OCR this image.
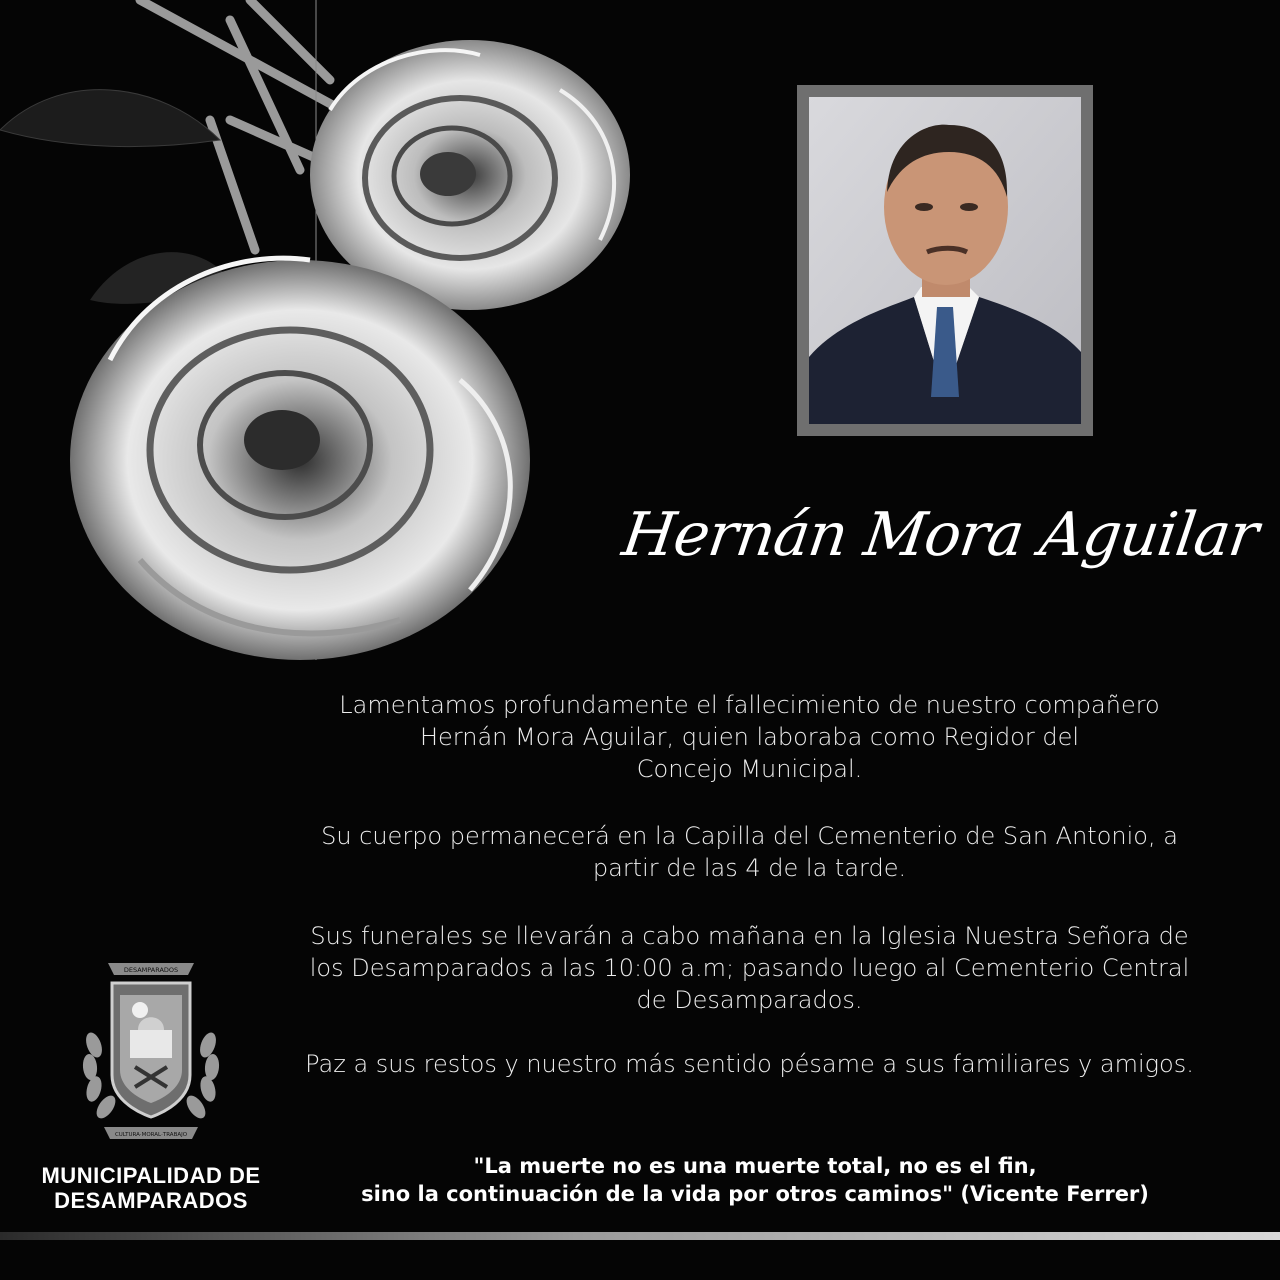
Hernán Mora Aguilar

Lamentamos profundamente el fallecimiento de nuestro compañero
Hernán Mora Aguilar, quien laboraba como Regidor del
Concejo Municipal.

Su cuerpo permanecerá en la Capilla del Cementerio de San Antonio, a
partir de las 4 de la tarde.

Sus funerales se llevarán a cabo mañana en la Iglesia Nuestra Señora de
los Desamparados a las 10:00 a.m; pasando luego al Cementerio Central
de Desamparados.

Paz a sus restos y nuestro más sentido pésame a sus familiares y amigos.

"La muerte no es una muerte total, no es el fin,
sino la continuación de la vida por otros caminos" (Vicente Ferrer)

DESAMPARADOS
CULTURA·MORAL·TRABAJO
MUNICIPALIDAD DE
DESAMPARADOS
